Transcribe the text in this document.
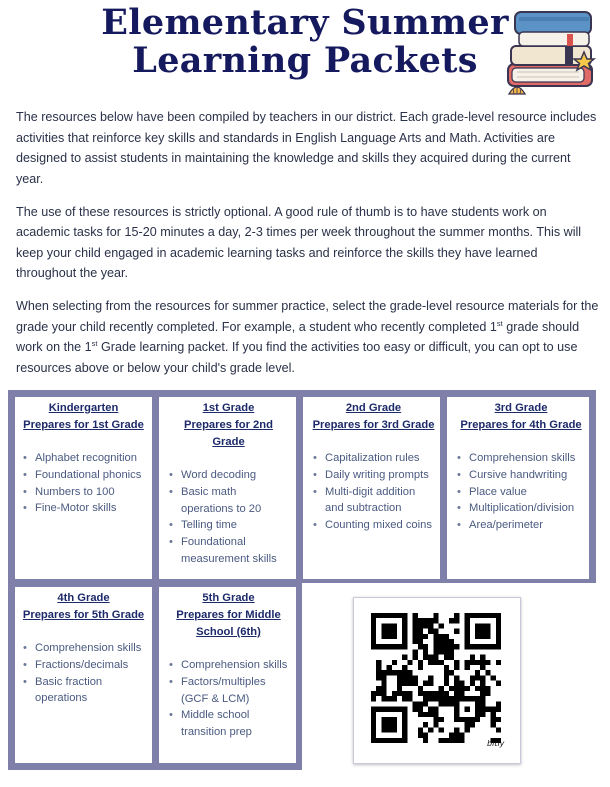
Elementary Summer
Learning Packets

The resources below have been compiled by teachers in our district. Each grade-level resource includes activities that reinforce key skills and standards in English Language Arts and Math. Activities are designed to assist students in maintaining the knowledge and skills they acquired during the current year.

The use of these resources is strictly optional. A good rule of thumb is to have students work on academic tasks for 15-20 minutes a day, 2-3 times per week throughout the summer months. This will keep your child engaged in academic learning tasks and reinforce the skills they have learned throughout the year.

When selecting from the resources for summer practice, select the grade-level resource materials for the grade your child recently completed. For example, a student who recently completed 1st grade should work on the 1st Grade learning packet. If you find the activities too easy or difficult, you can opt to use resources above or below your child's grade level.

Kindergarten
Prepares for 1st Grade
• Alphabet recognition
• Foundational phonics
• Numbers to 100
• Fine-Motor skills
1st Grade
Prepares for 2nd Grade
• Word decoding
• Basic math operations to 20
• Telling time
• Foundational measurement skills
2nd Grade
Prepares for 3rd Grade
• Capitalization rules
• Daily writing prompts
• Multi-digit addition and subtraction
• Counting mixed coins
3rd Grade
Prepares for 4th Grade
• Comprehension skills
• Cursive handwriting
• Place value
• Multiplication/division
• Area/perimeter
4th Grade
Prepares for 5th Grade
• Comprehension skills
• Fractions/decimals
• Basic fraction operations
5th Grade
Prepares for Middle School (6th)
• Comprehension skills
• Factors/multiples (GCF & LCM)
• Middle school transition prep
bitly
